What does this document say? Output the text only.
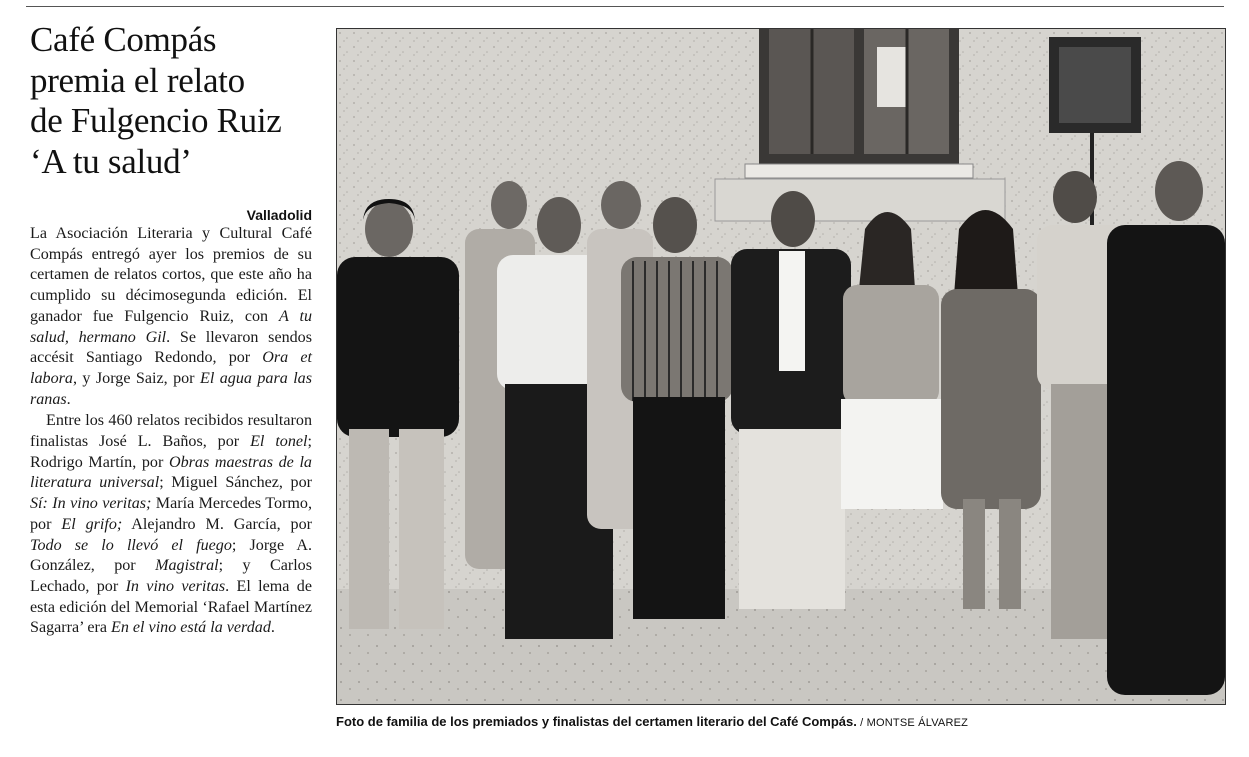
Café Compás
premia el relato
de Fulgencio Ruiz
‘A tu salud’
Valladolid

La Asociación Literaria y Cultural Café Compás entregó ayer los premios de su certamen de relatos cortos, que este año ha cumplido su décimosegunda edición. El ganador fue Fulgencio Ruiz, con A tu salud, hermano Gil. Se llevaron sendos accésit Santiago Redondo, por Ora et labora, y Jorge Saiz, por El agua para las ranas.

Entre los 460 relatos recibidos resultaron finalistas José L. Baños, por El tonel; Rodrigo Martín, por Obras maestras de la literatura universal; Miguel Sánchez, por Sí: In vino veritas; María Mercedes Tormo, por El grifo; Alejandro M. García, por Todo se lo llevó el fuego; Jorge A. González, por Magistral; y Carlos Lechado, por In vino veritas. El lema de esta edición del Memorial ‘Rafael Martínez Sagarra’ era En el vino está la verdad.

Foto de familia de los premiados y finalistas del certamen literario del Café Compás. / MONTSE ÁLVAREZ
